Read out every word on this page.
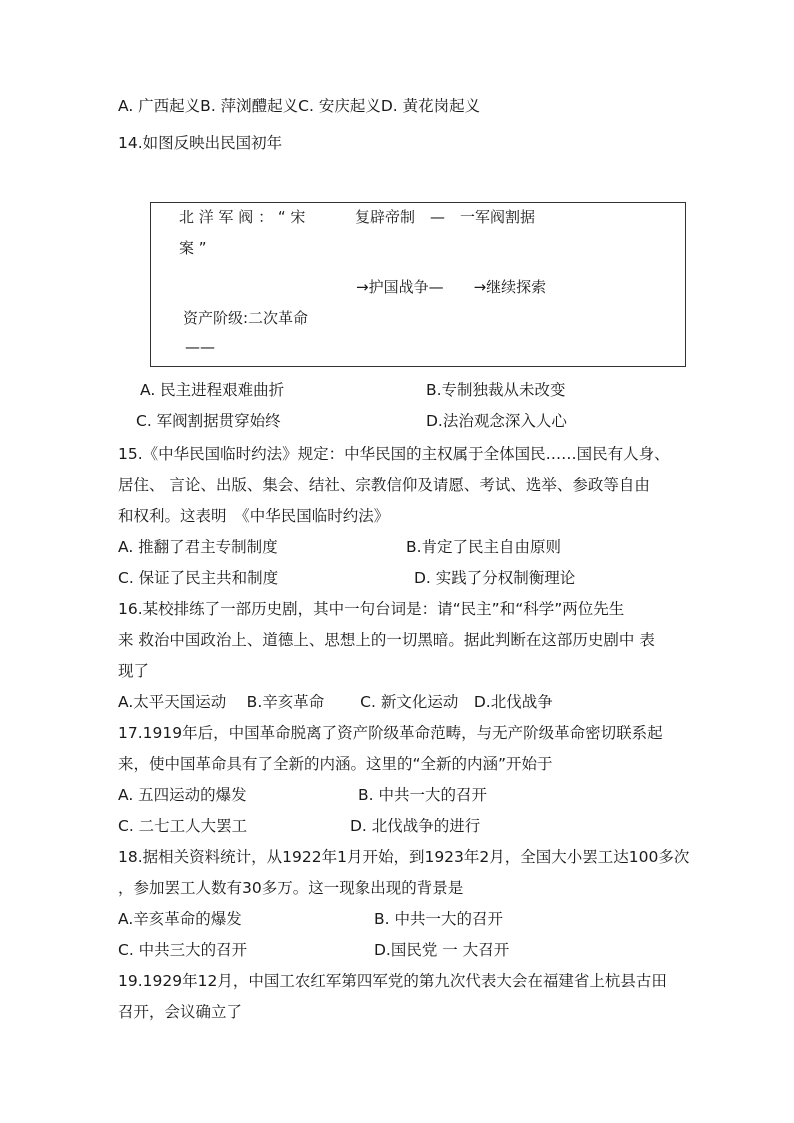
A. 广西起义B. 萍浏醴起义C. 安庆起义D. 黄花岗起义
14.如图反映出民国初年
北 洋 军 阀 ： “ 宋	复辟帝制　—　一军阀割据
案 ”
→护国战争—　　→继续探索
资产阶级:二次革命
——
A. 民主进程艰难曲折	B.专制独裁从未改变
C. 军阀割据贯穿始终	D.法治观念深入人心
15.《中华民国临时约法》规定：中华民国的主权属于全体国民……国民有人身、
居住、 言论、出版、集会、结社、宗教信仰及请愿、考试、选举、参政等自由
和权利。这表明　《中华民国临时约法》
A. 推翻了君主专制制度	B.肯定了民主自由原则
C. 保证了民主共和制度	D. 实践了分权制衡理论
16.某校排练了一部历史剧，其中一句台词是：请“民主”和“科学”两位先生
来 救治中国政治上、道德上、思想上的一切黑暗。据此判断在这部历史剧中 表
现了
A.太平天国运动　 B.辛亥革命　　 C. 新文化运动　D.北伐战争
17.1919年后，中国革命脱离了资产阶级革命范畴，与无产阶级革命密切联系起
来，使中国革命具有了全新的内涵。这里的“全新的内涵”开始于
A. 五四运动的爆发	B. 中共一大的召开
C. 二七工人大罢工	D. 北伐战争的进行
18.据相关资料统计，从1922年1月开始，到1923年2月，全国大小罢工达100多次
，参加罢工人数有30多万。这一现象出现的背景是
A.辛亥革命的爆发	B. 中共一大的召开
C. 中共三大的召开	D.国民党 一 大召开
19.1929年12月，中国工农红军第四军党的第九次代表大会在福建省上杭县古田
召开，会议确立了
